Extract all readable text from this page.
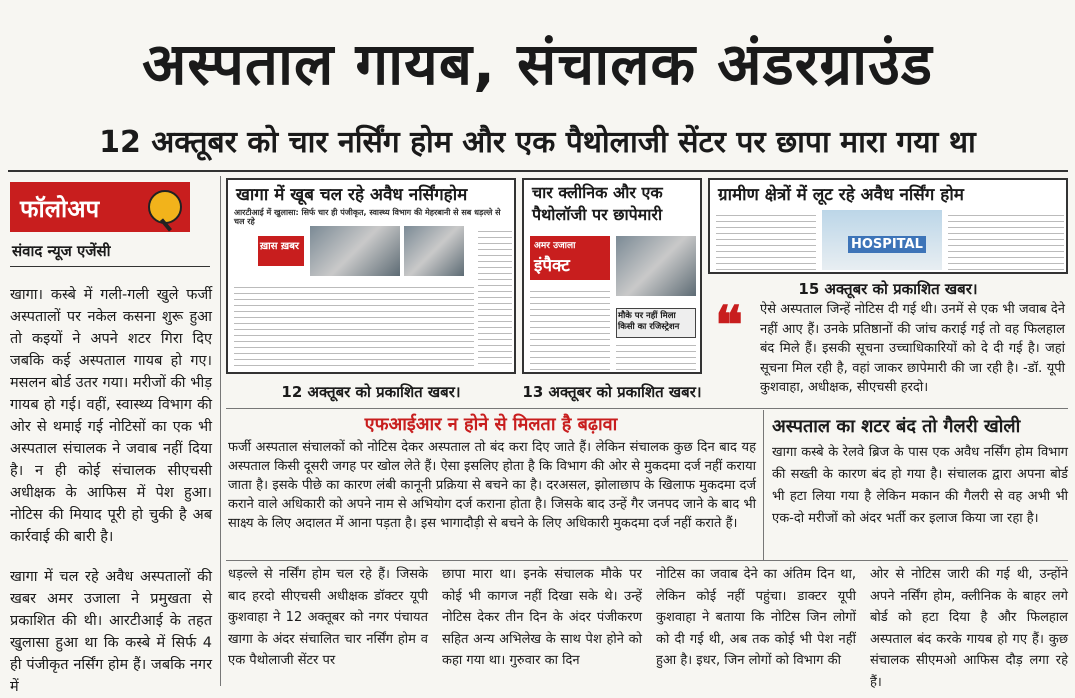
अस्पताल गायब, संचालक अंडरग्राउंड
12 अक्तूबर को चार नर्सिंग होम और एक पैथोलाजी सेंटर पर छापा मारा गया था
फॉलोअप
संवाद न्यूज एजेंसी
खागा। कस्बे में गली-गली खुले फर्जी अस्पतालों पर नकेल कसना शुरू हुआ तो कइयों ने अपने शटर गिरा दिए जबकि कई अस्पताल गायब हो गए। मसलन बोर्ड उतर गया। मरीजों की भीड़ गायब हो गई। वहीं, स्वास्थ्य विभाग की ओर से थमाई गई नोटिसों का एक भी अस्पताल संचालक ने जवाब नहीं दिया है। न ही कोई संचालक सीएचसी अधीक्षक के आफिस में पेश हुआ। नोटिस की मियाद पूरी हो चुकी है अब कार्रवाई की बारी है।
खागा में चल रहे अवैध अस्पतालों की खबर अमर उजाला ने प्रमुखता से प्रकाशित की थी। आरटीआई के तहत खुलासा हुआ था कि कस्बे में सिर्फ 4 ही पंजीकृत नर्सिंग होम हैं। जबकि नगर में
खागा में खूब चल रहे अवैध नर्सिंगहोम
आरटीआई में खुलासा: सिर्फ चार ही पंजीकृत, स्वास्थ्य विभाग की मेहरबानी से सब धड़ल्ले से चल रहे
ख़ास ख़बर
12 अक्तूबर को प्रकाशित खबर।
चार क्लीनिक और एक पैथोलॉजी पर छापेमारी
अमर उजाला
इंपैक्ट
मौके पर नहीं मिला किसी का रजिस्ट्रेशन
13 अक्तूबर को प्रकाशित खबर।
ग्रामीण क्षेत्रों में लूट रहे अवैध नर्सिंग होम
HOSPITAL
15 अक्तूबर को प्रकाशित खबर।
❝ ऐसे अस्पताल जिन्हें नोटिस दी गई थी। उनमें से एक भी जवाब देने नहीं आए हैं। उनके प्रतिष्ठानों की जांच कराई गई तो वह फिलहाल बंद मिले हैं। इसकी सूचना उच्चाधिकारियों को दे दी गई है। जहां सूचना मिल रही है, वहां जाकर छापेमारी की जा रही है। -डॉ. यूपी कुशवाहा, अधीक्षक, सीएचसी हरदो।
एफआईआर न होने से मिलता है बढ़ावा
फर्जी अस्पताल संचालकों को नोटिस देकर अस्पताल तो बंद करा दिए जाते हैं। लेकिन संचालक कुछ दिन बाद यह अस्पताल किसी दूसरी जगह पर खोल लेते हैं। ऐसा इसलिए होता है कि विभाग की ओर से मुकदमा दर्ज नहीं कराया जाता है। इसके पीछे का कारण लंबी कानूनी प्रक्रिया से बचने का है। दरअसल, झोलाछाप के खिलाफ मुकदमा दर्ज कराने वाले अधिकारी को अपने नाम से अभियोग दर्ज कराना होता है। जिसके बाद उन्हें गैर जनपद जाने के बाद भी साक्ष्य के लिए अदालत में आना पड़ता है। इस भागादौड़ी से बचने के लिए अधिकारी मुकदमा दर्ज नहीं कराते हैं।
अस्पताल का शटर बंद तो गैलरी खोली
खागा कस्बे के रेलवे ब्रिज के पास एक अवैध नर्सिंग होम विभाग की सख्ती के कारण बंद हो गया है। संचालक द्वारा अपना बोर्ड भी हटा लिया गया है लेकिन मकान की गैलरी से वह अभी भी एक-दो मरीजों को अंदर भर्ती कर इलाज किया जा रहा है।
धड़ल्ले से नर्सिंग होम चल रहे हैं। जिसके बाद हरदो सीएचसी अधीक्षक डॉक्टर यूपी कुशवाहा ने 12 अक्तूबर को नगर पंचायत खागा के अंदर संचालित चार नर्सिंग होम व एक पैथोलाजी सेंटर पर
छापा मारा था। इनके संचालक मौके पर कोई भी कागज नहीं दिखा सके थे। उन्हें नोटिस देकर तीन दिन के अंदर पंजीकरण सहित अन्य अभिलेख के साथ पेश होने को कहा गया था। गुरुवार का दिन
नोटिस का जवाब देने का अंतिम दिन था, लेकिन कोई नहीं पहुंचा। डाक्टर यूपी कुशवाहा ने बताया कि नोटिस जिन लोगों को दी गई थी, अब तक कोई भी पेश नहीं हुआ है। इधर, जिन लोगों को विभाग की
ओर से नोटिस जारी की गई थी, उन्होंने अपने नर्सिंग होम, क्लीनिक के बाहर लगे बोर्ड को हटा दिया है और फिलहाल अस्पताल बंद करके गायब हो गए हैं। कुछ संचालक सीएमओ आफिस दौड़ लगा रहे हैं।
